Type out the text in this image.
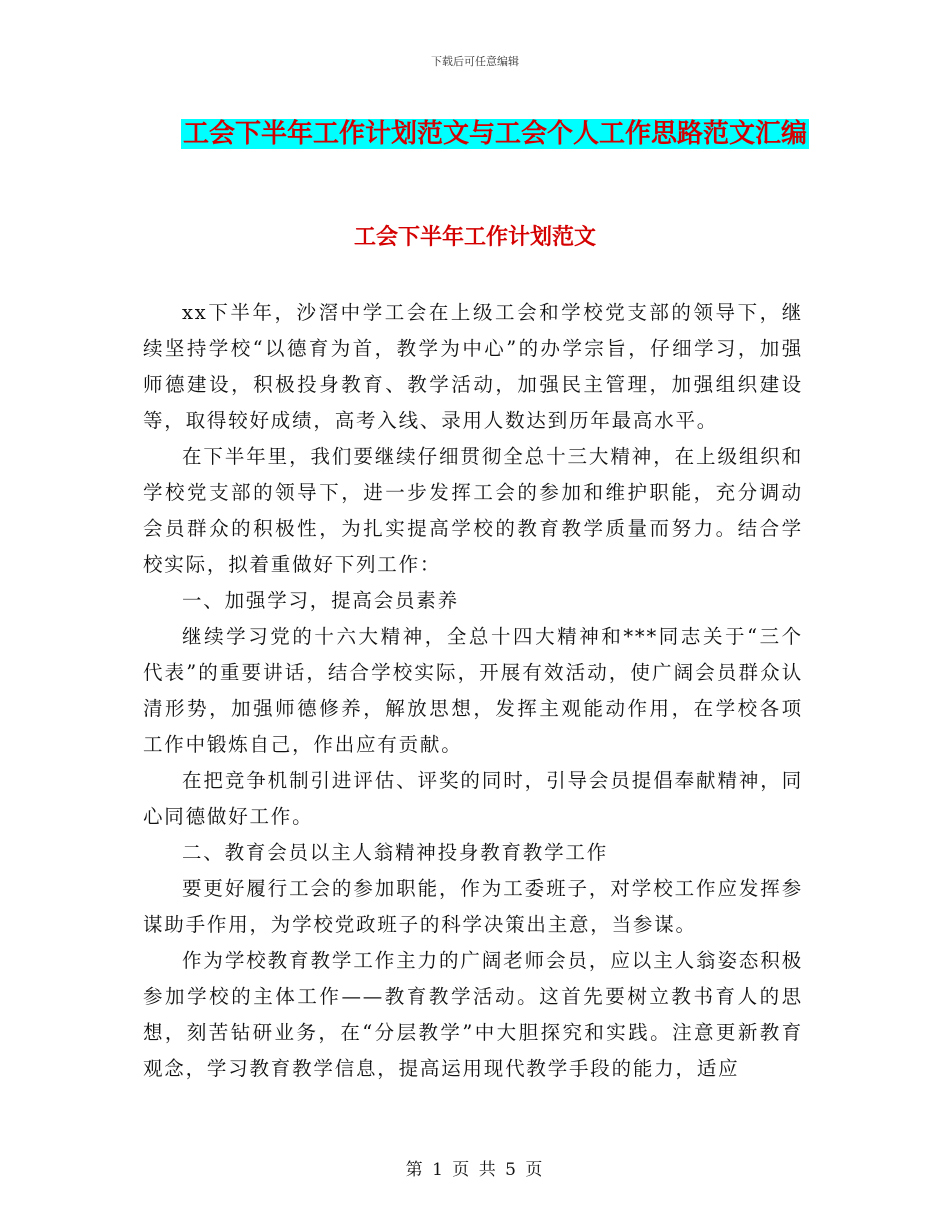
下载后可任意编辑
工会下半年工作计划范文与工会个人工作思路范文汇编
工会下半年工作计划范文

xx下半年，沙滘中学工会在上级工会和学校党支部的领导下，继续坚持学校“以德育为首，教学为中心”的办学宗旨，仔细学习，加强师德建设，积极投身教育、教学活动，加强民主管理，加强组织建设等，取得较好成绩，高考入线、录用人数达到历年最高水平。

在下半年里，我们要继续仔细贯彻全总十三大精神，在上级组织和学校党支部的领导下，进一步发挥工会的参加和维护职能，充分调动会员群众的积极性，为扎实提高学校的教育教学质量而努力。结合学校实际，拟着重做好下列工作：

一、加强学习，提高会员素养

继续学习党的十六大精神，全总十四大精神和***同志关于“三个代表”的重要讲话，结合学校实际，开展有效活动，使广阔会员群众认清形势，加强师德修养，解放思想，发挥主观能动作用，在学校各项工作中锻炼自己，作出应有贡献。

在把竞争机制引进评估、评奖的同时，引导会员提倡奉献精神，同心同德做好工作。

二、教育会员以主人翁精神投身教育教学工作

要更好履行工会的参加职能，作为工委班子，对学校工作应发挥参谋助手作用，为学校党政班子的科学决策出主意，当参谋。

作为学校教育教学工作主力的广阔老师会员，应以主人翁姿态积极参加学校的主体工作——教育教学活动。这首先要树立教书育人的思想，刻苦钻研业务，在“分层教学”中大胆探究和实践。注意更新教育观念，学习教育教学信息，提高运用现代教学手段的能力，适应

第 1 页 共 5 页
